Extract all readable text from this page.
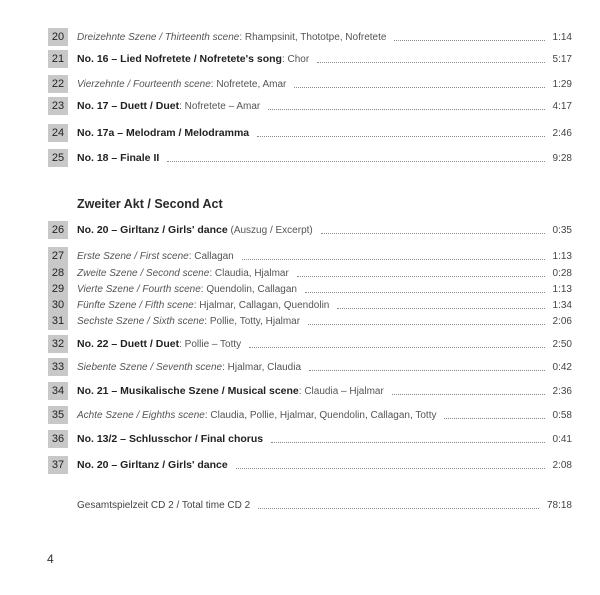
Zweiter Akt / Second Act
Gesamtspielzeit CD 2 / Total time CD 2	78:18
4
20	Dreizehnte Szene / Thirteenth scene : Rhampsinit, Thototpe, Nofretete	1:14
21	No. 16 – Lied Nofretete / Nofretete's song : Chor	5:17
22	Vierzehnte / Fourteenth scene : Nofretete, Amar	1:29
23	No. 17 – Duett / Duet : Nofretete – Amar	4:17
24	No. 17a – Melodram / Melodramma	2:46
25	No. 18 – Finale II	9:28
26	No. 20 – Girltanz / Girls' dance (Auszug / Excerpt)	0:35
27	Erste Szene / First scene : Callagan	1:13
28	Zweite Szene / Second scene : Claudia, Hjalmar	0:28
29	Vierte Szene / Fourth scene : Quendolin, Callagan	1:13
30	Fünfte Szene / Fifth scene : Hjalmar, Callagan, Quendolin	1:34
31	Sechste Szene / Sixth scene : Pollie, Totty, Hjalmar	2:06
32	No. 22 – Duett / Duet : Pollie – Totty	2:50
33	Siebente Szene / Seventh scene : Hjalmar, Claudia	0:42
34	No. 21 – Musikalische Szene / Musical scene : Claudia – Hjalmar	2:36
35	Achte Szene / Eighths scene : Claudia, Pollie, Hjalmar, Quendolin, Callagan, Totty	0:58
36	No. 13/2 – Schlusschor / Final chorus	0:41
37	No. 20 – Girltanz / Girls' dance	2:08
